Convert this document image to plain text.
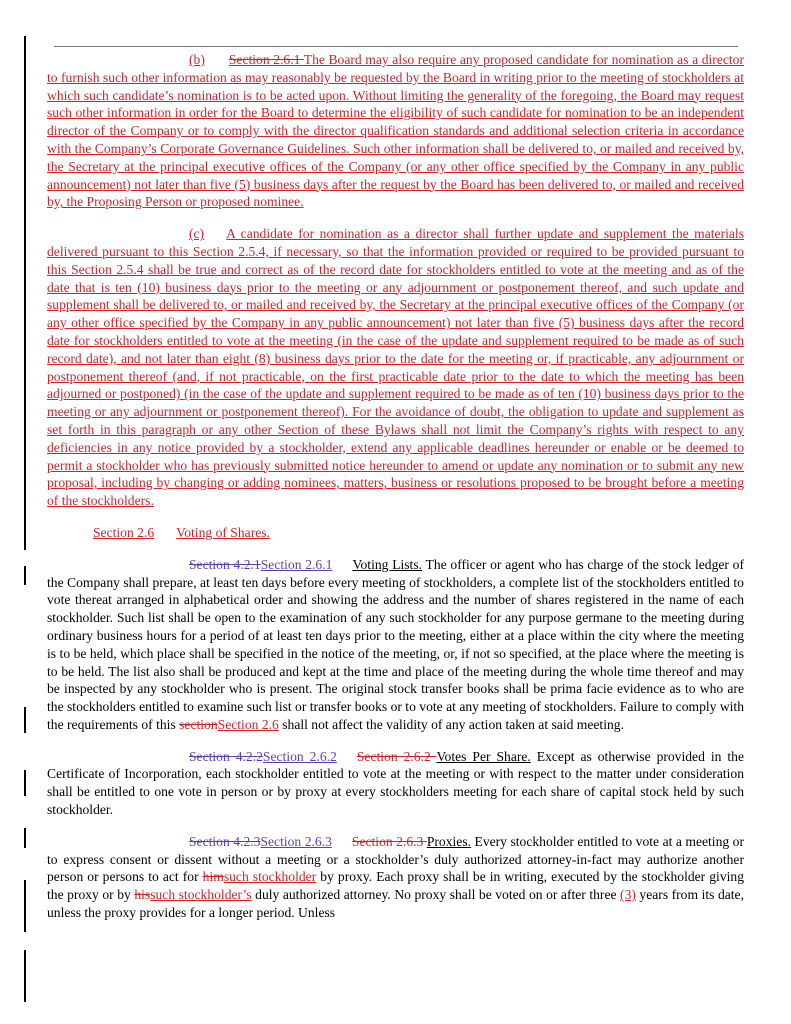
(b) Section 2.6.1 The Board may also require any proposed candidate for nomination as a director to furnish such other information as may reasonably be requested by the Board in writing prior to the meeting of stockholders at which such candidate’s nomination is to be acted upon. Without limiting the generality of the foregoing, the Board may request such other information in order for the Board to determine the eligibility of such candidate for nomination to be an independent director of the Company or to comply with the director qualification standards and additional selection criteria in accordance with the Company’s Corporate Governance Guidelines. Such other information shall be delivered to, or mailed and received by, the Secretary at the principal executive offices of the Company (or any other office specified by the Company in any public announcement) not later than five (5) business days after the request by the Board has been delivered to, or mailed and received by, the Proposing Person or proposed nominee.

(c) A candidate for nomination as a director shall further update and supplement the materials delivered pursuant to this Section 2.5.4, if necessary, so that the information provided or required to be provided pursuant to this Section 2.5.4 shall be true and correct as of the record date for stockholders entitled to vote at the meeting and as of the date that is ten (10) business days prior to the meeting or any adjournment or postponement thereof, and such update and supplement shall be delivered to, or mailed and received by, the Secretary at the principal executive offices of the Company (or any other office specified by the Company in any public announcement) not later than five (5) business days after the record date for stockholders entitled to vote at the meeting (in the case of the update and supplement required to be made as of such record date), and not later than eight (8) business days prior to the date for the meeting or, if practicable, any adjournment or postponement thereof (and, if not practicable, on the first practicable date prior to the date to which the meeting has been adjourned or postponed) (in the case of the update and supplement required to be made as of ten (10) business days prior to the meeting or any adjournment or postponement thereof). For the avoidance of doubt, the obligation to update and supplement as set forth in this paragraph or any other Section of these Bylaws shall not limit the Company’s rights with respect to any deficiencies in any notice provided by a stockholder, extend any applicable deadlines hereunder or enable or be deemed to permit a stockholder who has previously submitted notice hereunder to amend or update any nomination or to submit any new proposal, including by changing or adding nominees, matters, business or resolutions proposed to be brought before a meeting of the stockholders.

Section 2.6 Voting of Shares.

Section 4.2.1Section 2.6.1 Voting Lists. The officer or agent who has charge of the stock ledger of the Company shall prepare, at least ten days before every meeting of stockholders, a complete list of the stockholders entitled to vote thereat arranged in alphabetical order and showing the address and the number of shares registered in the name of each stockholder. Such list shall be open to the examination of any such stockholder for any purpose germane to the meeting during ordinary business hours for a period of at least ten days prior to the meeting, either at a place within the city where the meeting is to be held, which place shall be specified in the notice of the meeting, or, if not so specified, at the place where the meeting is to be held. The list also shall be produced and kept at the time and place of the meeting during the whole time thereof and may be inspected by any stockholder who is present. The original stock transfer books shall be prima facie evidence as to who are the stockholders entitled to examine such list or transfer books or to vote at any meeting of stockholders. Failure to comply with the requirements of this sectionSection 2.6 shall not affect the validity of any action taken at said meeting.

Section 4.2.2Section 2.6.2 Section 2.6.2 Votes Per Share. Except as otherwise provided in the Certificate of Incorporation, each stockholder entitled to vote at the meeting or with respect to the matter under consideration shall be entitled to one vote in person or by proxy at every stockholders meeting for each share of capital stock held by such stockholder.

Section 4.2.3Section 2.6.3 Section 2.6.3 Proxies. Every stockholder entitled to vote at a meeting or to express consent or dissent without a meeting or a stockholder’s duly authorized attorney-in-fact may authorize another person or persons to act for himsuch stockholder by proxy. Each proxy shall be in writing, executed by the stockholder giving the proxy or by hissuch stockholder’s duly authorized attorney. No proxy shall be voted on or after three (3) years from its date, unless the proxy provides for a longer period. Unless
